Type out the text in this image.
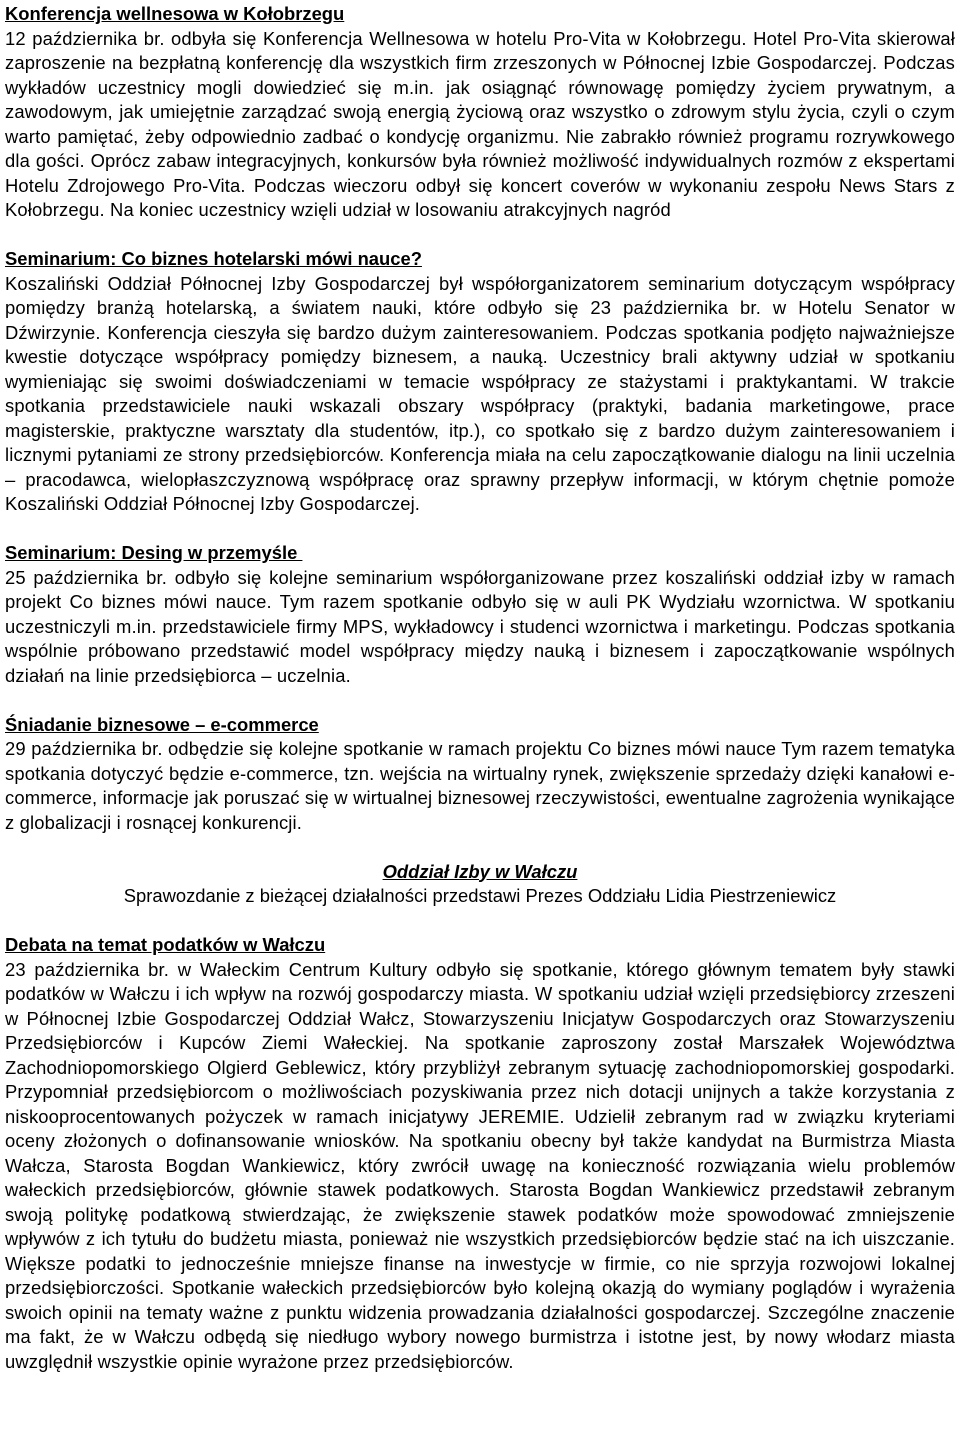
Konferencja wellnesowa w Kołobrzegu

12 października br. odbyła się Konferencja Wellnesowa w hotelu Pro-Vita w Kołobrzegu. Hotel Pro-Vita skierował zaproszenie na bezpłatną konferencję dla wszystkich firm zrzeszonych w Północnej Izbie Gospodarczej. Podczas wykładów uczestnicy mogli dowiedzieć się m.in. jak osiągnąć równowagę pomiędzy życiem prywatnym, a zawodowym, jak umiejętnie zarządzać swoją energią życiową oraz wszystko o zdrowym stylu życia, czyli o czym warto pamiętać, żeby odpowiednio zadbać o kondycję organizmu. Nie zabrakło również programu rozrywkowego dla gości. Oprócz zabaw integracyjnych, konkursów była również możliwość indywidualnych rozmów z ekspertami Hotelu Zdrojowego Pro-Vita. Podczas wieczoru odbył się koncert coverów w wykonaniu zespołu News Stars z Kołobrzegu. Na koniec uczestnicy wzięli udział w losowaniu atrakcyjnych nagród

Seminarium: Co biznes hotelarski mówi nauce?

Koszaliński Oddział Północnej Izby Gospodarczej był współorganizatorem seminarium dotyczącym współpracy pomiędzy branżą hotelarską, a światem nauki, które odbyło się 23 października br. w Hotelu Senator w Dźwirzynie. Konferencja cieszyła się bardzo dużym zainteresowaniem. Podczas spotkania podjęto najważniejsze kwestie dotyczące współpracy pomiędzy biznesem, a nauką. Uczestnicy brali aktywny udział w spotkaniu wymieniając się swoimi doświadczeniami w temacie współpracy ze stażystami i praktykantami. W trakcie spotkania przedstawiciele nauki wskazali obszary współpracy (praktyki, badania marketingowe, prace magisterskie, praktyczne warsztaty dla studentów, itp.), co spotkało się z bardzo dużym zainteresowaniem i licznymi pytaniami ze strony przedsiębiorców. Konferencja miała na celu zapoczątkowanie dialogu na linii uczelnia – pracodawca, wielopłaszczyznową współpracę oraz sprawny przepływ informacji, w którym chętnie pomoże Koszaliński Oddział Północnej Izby Gospodarczej.

Seminarium: Desing w przemyśle

25 października br. odbyło się kolejne seminarium współorganizowane przez koszaliński oddział izby w ramach projekt Co biznes mówi nauce. Tym razem spotkanie odbyło się w auli PK Wydziału wzornictwa. W spotkaniu uczestniczyli m.in. przedstawiciele firmy MPS, wykładowcy i studenci wzornictwa i marketingu. Podczas spotkania wspólnie próbowano przedstawić model współpracy między nauką i biznesem i zapoczątkowanie wspólnych działań na linie przedsiębiorca – uczelnia.

Śniadanie biznesowe – e-commerce

29 października br. odbędzie się kolejne spotkanie w ramach projektu Co biznes mówi nauce Tym razem tematyka spotkania dotyczyć będzie e-commerce, tzn. wejścia na wirtualny rynek, zwiększenie sprzedaży dzięki kanałowi e-commerce, informacje jak poruszać się w wirtualnej biznesowej rzeczywistości, ewentualne zagrożenia wynikające z globalizacji i rosnącej konkurencji.

Oddział Izby w Wałczu

Sprawozdanie z bieżącej działalności przedstawi Prezes Oddziału Lidia Piestrzeniewicz

Debata na temat podatków w Wałczu

23 października br. w Wałeckim Centrum Kultury odbyło się spotkanie, którego głównym tematem były stawki podatków w Wałczu i ich wpływ na rozwój gospodarczy miasta. W spotkaniu udział wzięli przedsiębiorcy zrzeszeni w Północnej Izbie Gospodarczej Oddział Wałcz, Stowarzyszeniu Inicjatyw Gospodarczych oraz Stowarzyszeniu Przedsiębiorców i Kupców Ziemi Wałeckiej. Na spotkanie zaproszony został Marszałek Województwa Zachodniopomorskiego Olgierd Geblewicz, który przybliżył zebranym sytuację zachodniopomorskiej gospodarki. Przypomniał przedsiębiorcom o możliwościach pozyskiwania przez nich dotacji unijnych a także korzystania z niskooprocentowanych pożyczek w ramach inicjatywy JEREMIE. Udzielił zebranym rad w związku kryteriami oceny złożonych o dofinansowanie wniosków. Na spotkaniu obecny był także kandydat na Burmistrza Miasta Wałcza, Starosta Bogdan Wankiewicz, który zwrócił uwagę na konieczność rozwiązania wielu problemów wałeckich przedsiębiorców, głównie stawek podatkowych. Starosta Bogdan Wankiewicz przedstawił zebranym swoją politykę podatkową stwierdzając, że zwiększenie stawek podatków może spowodować zmniejszenie wpływów z ich tytułu do budżetu miasta, ponieważ nie wszystkich przedsiębiorców będzie stać na ich uiszczanie. Większe podatki to jednocześnie mniejsze finanse na inwestycje w firmie, co nie sprzyja rozwojowi lokalnej przedsiębiorczości. Spotkanie wałeckich przedsiębiorców było kolejną okazją do wymiany poglądów i wyrażenia swoich opinii na tematy ważne z punktu widzenia prowadzania działalności gospodarczej. Szczególne znaczenie ma fakt, że w Wałczu odbędą się niedługo wybory nowego burmistrza i istotne jest, by nowy włodarz miasta uwzględnił wszystkie opinie wyrażone przez przedsiębiorców.
